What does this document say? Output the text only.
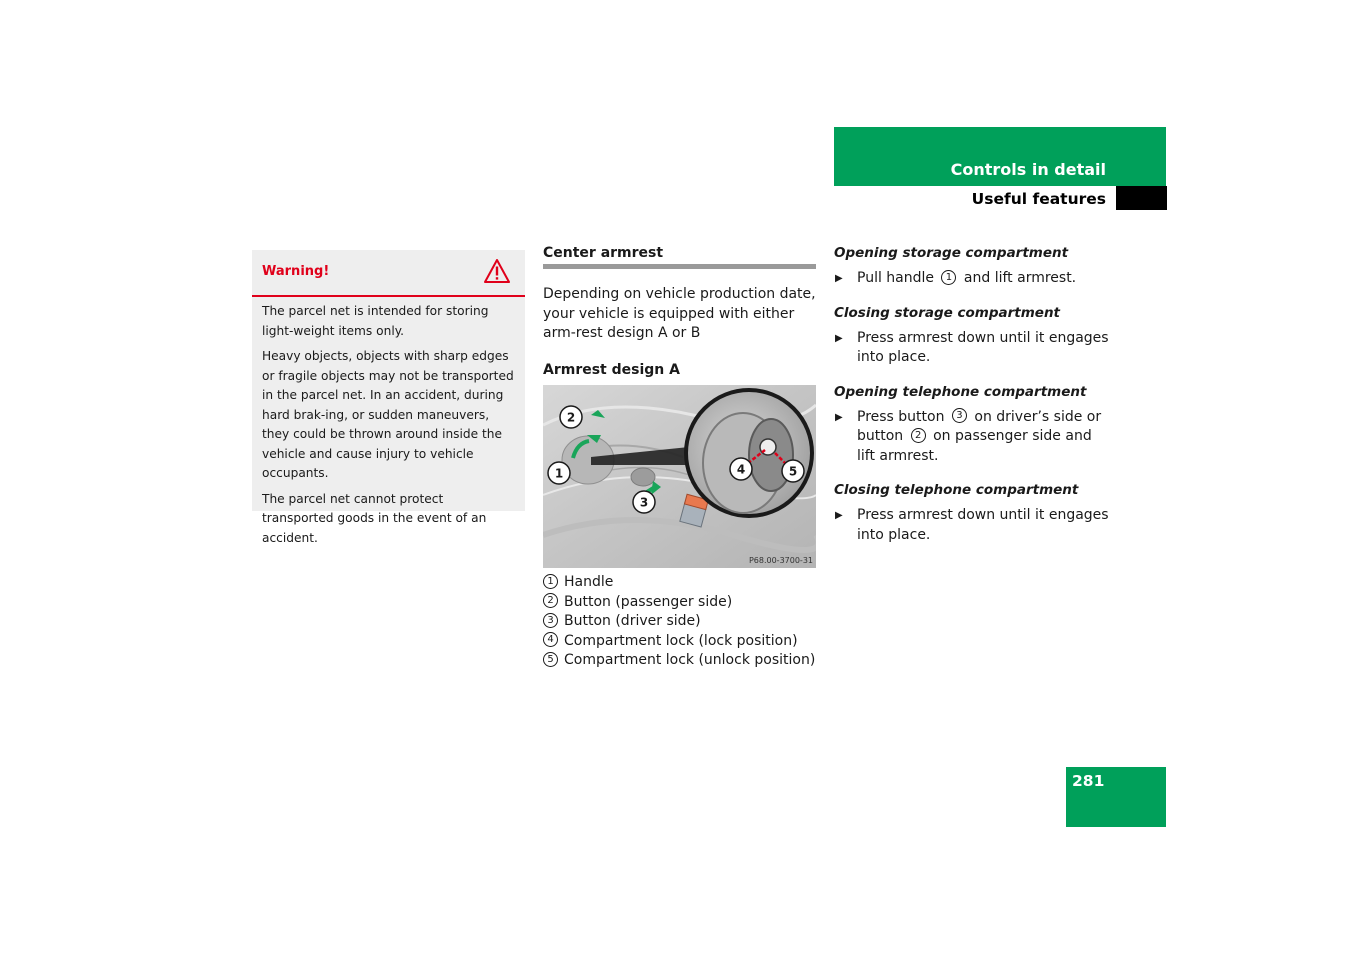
Controls in detail
Useful features
Warning!

The parcel net is intended for storing light-weight items only.

Heavy objects, objects with sharp edges or fragile objects may not be transported in the parcel net. In an accident, during hard brak-ing, or sudden maneuvers, they could be thrown around inside the vehicle and cause injury to vehicle occupants.

The parcel net cannot protect transported goods in the event of an accident.

Center armrest

Depending on vehicle production date, your vehicle is equipped with either arm-rest design A or B

Armrest design A

1
2
3
4	5
P68.00-3700-31
1 Handle
2 Button (passenger side)
3 Button (driver side)
4 Compartment lock (lock position)
5 Compartment lock (unlock position)

Opening storage compartment

▶ Pull handle 1 and lift armrest.

Closing storage compartment

▶ Press armrest down until it engages into place.

Opening telephone compartment

▶ Press button 3 on driver’s side or button 2 on passenger side and lift armrest.

Closing telephone compartment

▶ Press armrest down until it engages into place.
281
